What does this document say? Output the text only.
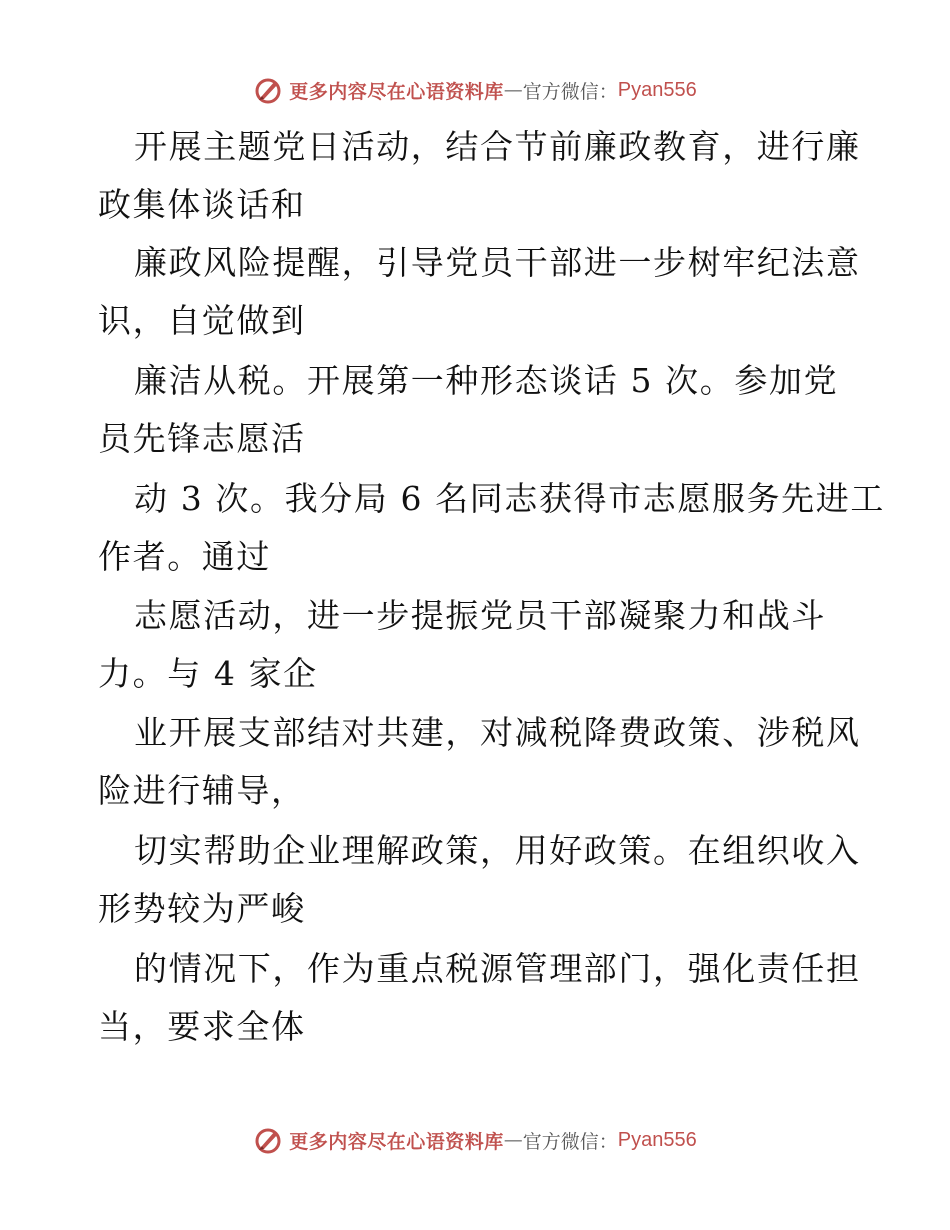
更多内容尽在心语资料库 — 官方微信： Pyan556
开展主题党日活动，结合节前廉政教育，进行廉
政集体谈话和
廉政风险提醒，引导党员干部进一步树牢纪法意
识，自觉做到
廉洁从税。开展第一种形态谈话 5 次。参加党
员先锋志愿活
动 3 次。我分局 6 名同志获得市志愿服务先进工
作者。通过
志愿活动，进一步提振党员干部凝聚力和战斗
力。与 4 家企
业开展支部结对共建，对减税降费政策、涉税风
险进行辅导，
切实帮助企业理解政策，用好政策。在组织收入
形势较为严峻
的情况下，作为重点税源管理部门，强化责任担
当，要求全体
更多内容尽在心语资料库 — 官方微信： Pyan556
